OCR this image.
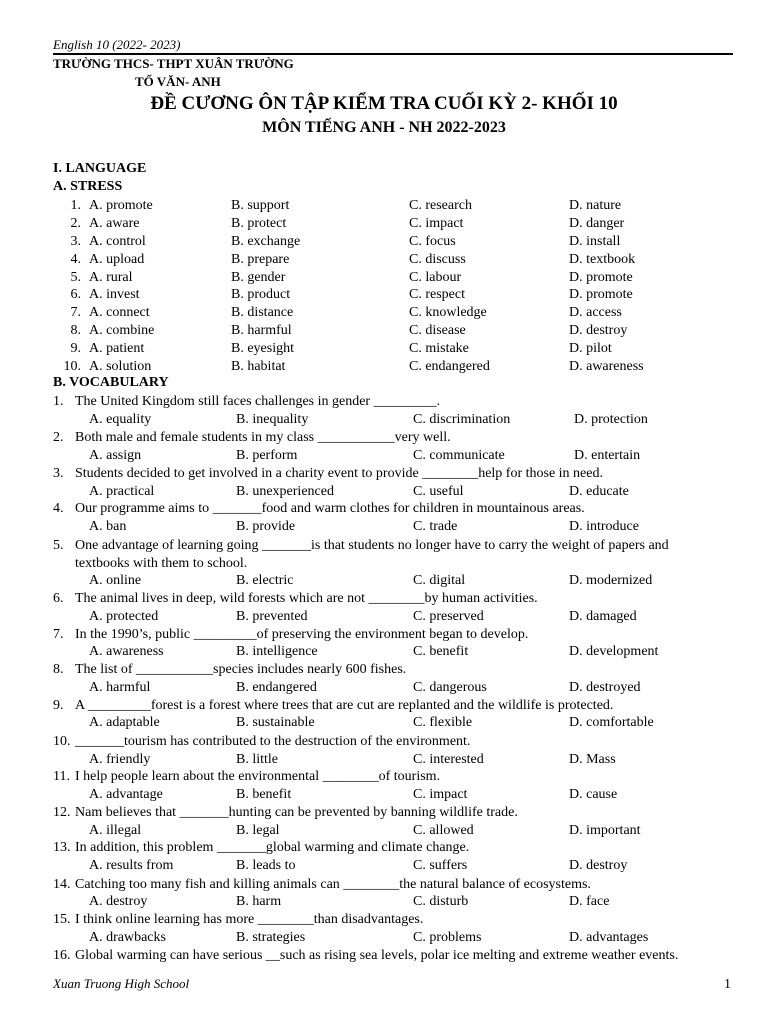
English 10 (2022- 2023)
TRƯỜNG THCS- THPT XUÂN TRƯỜNG
TỔ VĂN- ANH
ĐỀ CƯƠNG ÔN TẬP KIỂM TRA CUỐI KỲ 2- KHỐI 10
MÔN TIẾNG ANH - NH 2022-2023
I. LANGUAGE
A. STRESS
1. A. promote	B. support	C. research	D. nature
2. A. aware	B. protect	C. impact	D. danger
3. A. control	B. exchange	C. focus	D. install
4. A. upload	B. prepare	C. discuss	D. textbook
5. A. rural	B. gender	C. labour	D. promote
6. A. invest	B. product	C. respect	D. promote
7. A. connect	B. distance	C. knowledge	D. access
8. A. combine	B. harmful	C. disease	D. destroy
9. A. patient	B. eyesight	C. mistake	D. pilot
10. A. solution	B. habitat	C. endangered	D. awareness
B. VOCABULARY
1. The United Kingdom still faces challenges in gender _________.
A. equality	B. inequality	C. discrimination	D. protection
2. Both male and female students in my class ___________very well.
A. assign	B. perform	C. communicate	D. entertain
3. Students decided to get involved in a charity event to provide ________help for those in need.
A. practical	B. unexperienced	C. useful	D. educate
4. Our programme aims to _______food and warm clothes for children in mountainous areas.
A. ban	B. provide	C. trade	D. introduce
5. One advantage of learning going _______is that students no longer have to carry the weight of papers and
textbooks with them to school.
A. online	B. electric	C. digital	D. modernized
6. The animal lives in deep, wild forests which are not ________by human activities.
A. protected	B. prevented	C. preserved	D. damaged
7. In the 1990’s, public _________of preserving the environment began to develop.
A. awareness	B. intelligence	C. benefit	D. development
8. The list of ___________species includes nearly 600 fishes.
A. harmful	B. endangered	C. dangerous	D. destroyed
9. A _________forest is a forest where trees that are cut are replanted and the wildlife is protected.
A. adaptable	B. sustainable	C. flexible	D. comfortable
10. _______tourism has contributed to the destruction of the environment.
A. friendly	B. little	C. interested	D. Mass
11. I help people learn about the environmental ________of tourism.
A. advantage	B. benefit	C. impact	D. cause
12. Nam believes that _______hunting can be prevented by banning wildlife trade.
A. illegal	B. legal	C. allowed	D. important
13. In addition, this problem _______global warming and climate change.
A. results from	B. leads to	C. suffers	D. destroy
14. Catching too many fish and killing animals can ________the natural balance of ecosystems.
A. destroy	B. harm	C. disturb	D. face
15. I think online learning has more ________than disadvantages.
A. drawbacks	B. strategies	C. problems	D. advantages
16. Global warming can have serious __such as rising sea levels, polar ice melting and extreme weather events.
Xuan Truong High School	1
